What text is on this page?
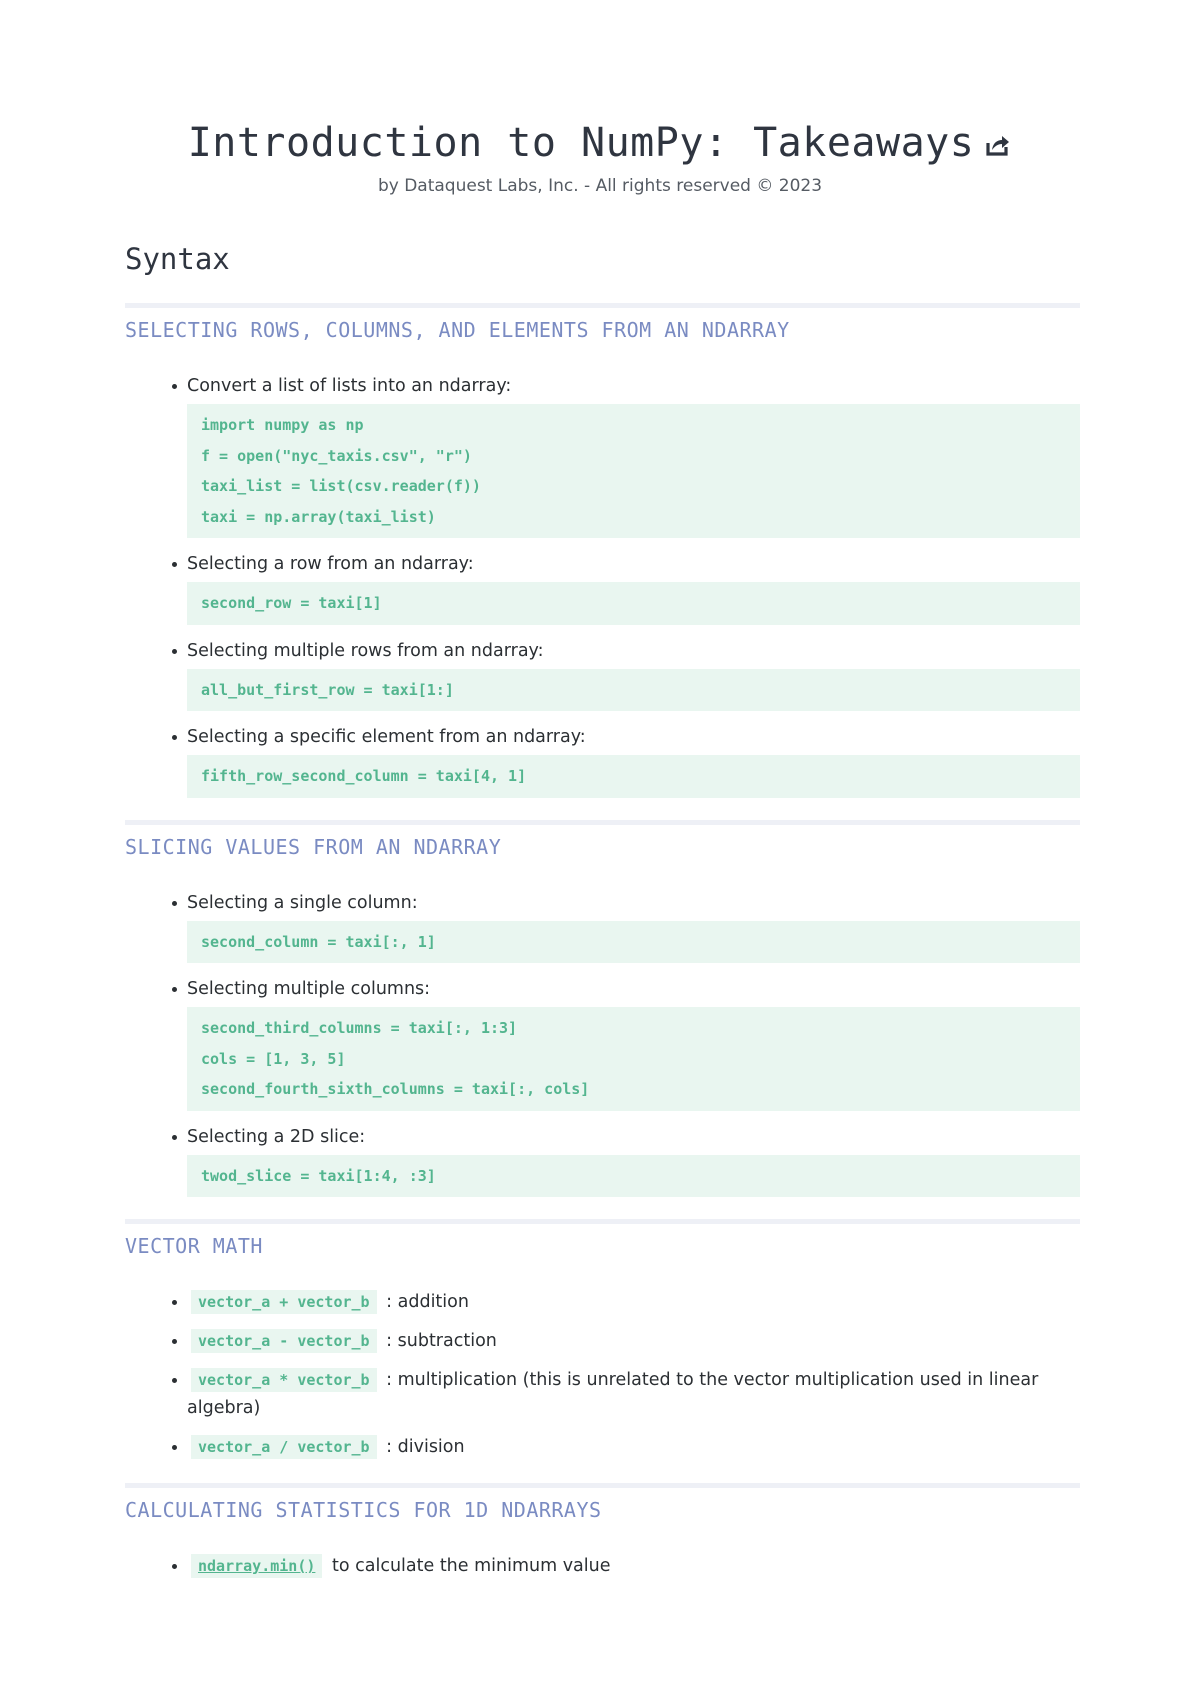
Introduction to NumPy: Takeaways
by Dataquest Labs, Inc. - All rights reserved © 2023
Syntax
SELECTING ROWS, COLUMNS, AND ELEMENTS FROM AN NDARRAY
Convert a list of lists into an ndarray:
import numpy as np
f = open("nyc_taxis.csv", "r")
taxi_list = list(csv.reader(f))
taxi = np.array(taxi_list)
Selecting a row from an ndarray:
second_row = taxi[1]
Selecting multiple rows from an ndarray:
all_but_first_row = taxi[1:]
Selecting a specific element from an ndarray:
fifth_row_second_column = taxi[4, 1]
SLICING VALUES FROM AN NDARRAY
Selecting a single column:
second_column = taxi[:, 1]
Selecting multiple columns:
second_third_columns = taxi[:, 1:3]
cols = [1, 3, 5]
second_fourth_sixth_columns = taxi[:, cols]
Selecting a 2D slice:
twod_slice = taxi[1:4, :3]
VECTOR MATH
vector_a + vector_b : addition
vector_a - vector_b : subtraction
vector_a * vector_b : multiplication (this is unrelated to the vector multiplication used in linear algebra)
vector_a / vector_b : division
CALCULATING STATISTICS FOR 1D NDARRAYS
ndarray.min() to calculate the minimum value
